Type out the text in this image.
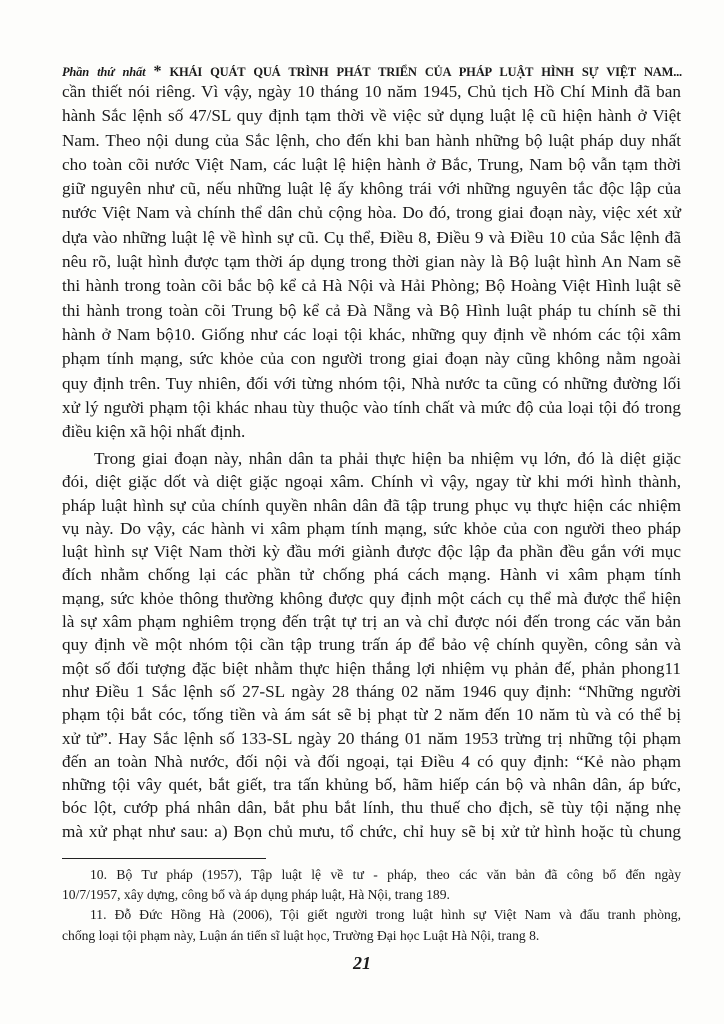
Phần thứ nhất * KHÁI QUÁT QUÁ TRÌNH PHÁT TRIỂN CỦA PHÁP LUẬT HÌNH SỰ VIỆT NAM...
cần thiết nói riêng. Vì vậy, ngày 10 tháng 10 năm 1945, Chủ tịch Hồ Chí Minh đã ban
hành Sắc lệnh số 47/SL quy định tạm thời về việc sử dụng luật lệ cũ hiện hành ở Việt
Nam. Theo nội dung của Sắc lệnh, cho đến khi ban hành những bộ luật pháp duy nhất
cho toàn cõi nước Việt Nam, các luật lệ hiện hành ở Bắc, Trung, Nam bộ vẫn tạm thời
giữ nguyên như cũ, nếu những luật lệ ấy không trái với những nguyên tắc độc lập của
nước Việt Nam và chính thể dân chủ cộng hòa. Do đó, trong giai đoạn này, việc xét xử
dựa vào những luật lệ về hình sự cũ. Cụ thể, Điều 8, Điều 9 và Điều 10 của Sắc lệnh đã
nêu rõ, luật hình được tạm thời áp dụng trong thời gian này là Bộ luật hình An Nam sẽ
thi hành trong toàn cõi bắc bộ kể cả Hà Nội và Hải Phòng; Bộ Hoàng Việt Hình luật sẽ
thi hành trong toàn cõi Trung bộ kể cả Đà Nẵng và Bộ Hình luật pháp tu chính sẽ thi
hành ở Nam bộ10. Giống như các loại tội khác, những quy định về nhóm các tội xâm
phạm tính mạng, sức khỏe của con người trong giai đoạn này cũng không nằm ngoài
quy định trên. Tuy nhiên, đối với từng nhóm tội, Nhà nước ta cũng có những đường lối
xử lý người phạm tội khác nhau tùy thuộc vào tính chất và mức độ của loại tội đó trong
điều kiện xã hội nhất định.
Trong giai đoạn này, nhân dân ta phải thực hiện ba nhiệm vụ lớn, đó là diệt giặc
đói, diệt giặc dốt và diệt giặc ngoại xâm. Chính vì vậy, ngay từ khi mới hình thành,
pháp luật hình sự của chính quyền nhân dân đã tập trung phục vụ thực hiện các nhiệm
vụ này. Do vậy, các hành vi xâm phạm tính mạng, sức khỏe của con người theo pháp
luật hình sự Việt Nam thời kỳ đầu mới giành được độc lập đa phần đều gắn với mục
đích nhằm chống lại các phần tử chống phá cách mạng. Hành vi xâm phạm tính
mạng, sức khỏe thông thường không được quy định một cách cụ thể mà được thể hiện
là sự xâm phạm nghiêm trọng đến trật tự trị an và chỉ được nói đến trong các văn bản
quy định về một nhóm tội cần tập trung trấn áp để bảo vệ chính quyền, công sản và
một số đối tượng đặc biệt nhằm thực hiện thắng lợi nhiệm vụ phản đế, phản phong11
như Điều 1 Sắc lệnh số 27-SL ngày 28 tháng 02 năm 1946 quy định: “Những người
phạm tội bắt cóc, tống tiền và ám sát sẽ bị phạt từ 2 năm đến 10 năm tù và có thể bị
xử tử”. Hay Sắc lệnh số 133-SL ngày 20 tháng 01 năm 1953 trừng trị những tội phạm
đến an toàn Nhà nước, đối nội và đối ngoại, tại Điều 4 có quy định: “Kẻ nào phạm
những tội vây quét, bắt giết, tra tấn khủng bố, hãm hiếp cán bộ và nhân dân, áp bức,
bóc lột, cướp phá nhân dân, bắt phu bắt lính, thu thuế cho địch, sẽ tùy tội nặng nhẹ
mà xử phạt như sau: a) Bọn chủ mưu, tổ chức, chỉ huy sẽ bị xử tử hình hoặc tù chung
10. Bộ Tư pháp (1957), Tập luật lệ về tư - pháp, theo các văn bản đã công bố đến ngày
10/7/1957, xây dựng, công bố và áp dụng pháp luật, Hà Nội, trang 189.
11. Đỗ Đức Hồng Hà (2006), Tội giết người trong luật hình sự Việt Nam và đấu tranh phòng,
chống loại tội phạm này, Luận án tiến sĩ luật học, Trường Đại học Luật Hà Nội, trang 8.
21
